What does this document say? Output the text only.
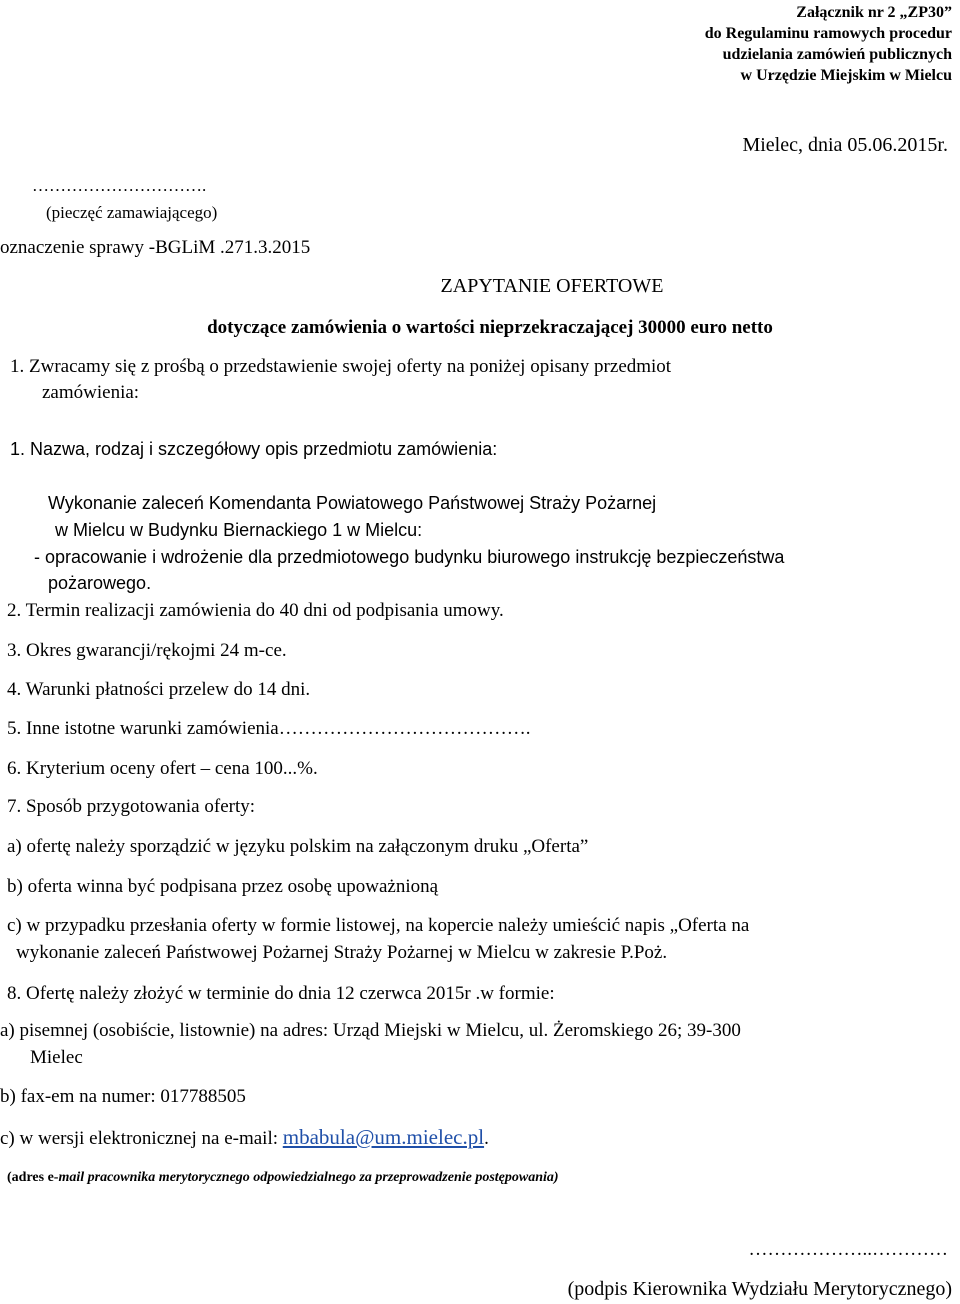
Załącznik nr 2 „ZP30”
do Regulaminu ramowych procedur
udzielania zamówień publicznych
w Urzędzie Miejskim w Mielcu
Mielec, dnia 05.06.2015r.
………………………….
(pieczęć zamawiającego)
oznaczenie sprawy -BGLiM .271.3.2015
ZAPYTANIE OFERTOWE
dotyczące zamówienia o wartości nieprzekraczającej 30000 euro netto
1. Zwracamy się z prośbą o przedstawienie swojej oferty na poniżej opisany przedmiot
zamówienia:
1. Nazwa, rodzaj i szczegółowy opis przedmiotu zamówienia:
Wykonanie zaleceń Komendanta Powiatowego Państwowej Straży Pożarnej
w Mielcu w Budynku Biernackiego 1 w Mielcu:
- opracowanie i wdrożenie dla przedmiotowego budynku biurowego instrukcję bezpieczeństwa
pożarowego.
2. Termin realizacji zamówienia do 40 dni od podpisania umowy.
3. Okres gwarancji/rękojmi 24 m-ce.
4. Warunki płatności przelew do 14 dni.
5. Inne istotne warunki zamówienia………………………………….
6. Kryterium oceny ofert – cena 100...%.
7. Sposób przygotowania oferty:
a) ofertę należy sporządzić w języku polskim na załączonym druku „Oferta”
b) oferta winna być podpisana przez osobę upoważnioną
c) w przypadku przesłania oferty w formie listowej, na kopercie należy umieścić napis „Oferta na
wykonanie zaleceń Państwowej Pożarnej Straży Pożarnej w Mielcu w zakresie P.Poż.
8. Ofertę należy złożyć w terminie do dnia 12 czerwca 2015r .w formie:
a) pisemnej (osobiście, listownie) na adres: Urząd Miejski w Mielcu, ul. Żeromskiego 26; 39-300
Mielec
b) fax-em na numer: 017788505
c) w wersji elektronicznej na e-mail: mbabula@um.mielec.pl.
(adres e-mail pracownika merytorycznego odpowiedzialnego za przeprowadzenie postępowania)
………………..…………
(podpis Kierownika Wydziału Merytorycznego)
